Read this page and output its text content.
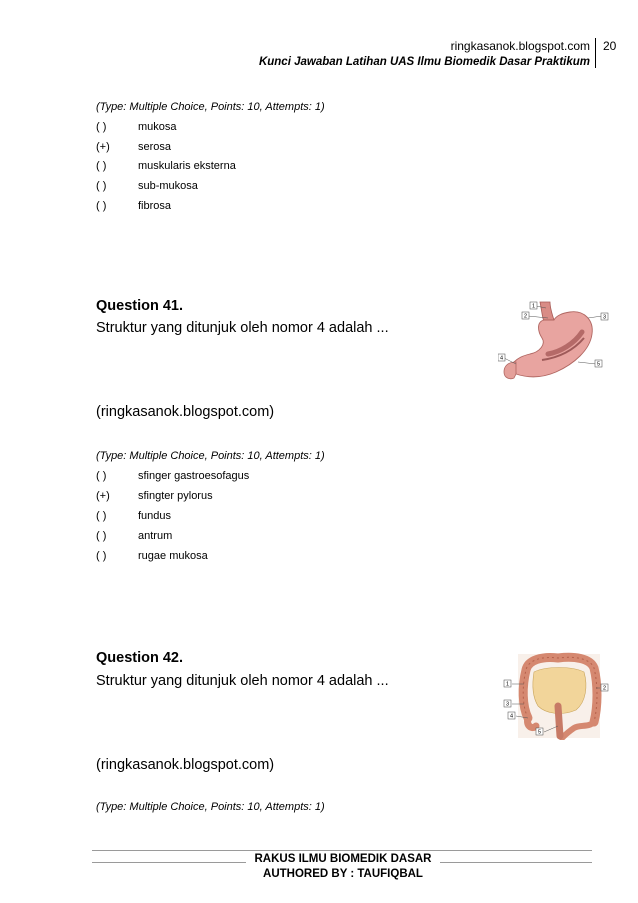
ringkasanok.blogspot.com
Kunci Jawaban Latihan UAS Ilmu Biomedik Dasar Praktikum
20
(Type: Multiple Choice, Points: 10, Attempts: 1)
( )	mukosa
(+)	serosa
( )	muskularis eksterna
( )	sub-mukosa
( )	fibrosa
Question 41.
Struktur yang ditunjuk oleh nomor 4 adalah ...
1
2	3
4
5
(ringkasanok.blogspot.com)
(Type: Multiple Choice, Points: 10, Attempts: 1)
( )	sfinger gastroesofagus
(+)	sfingter pylorus
( )	fundus
( )	antrum
( )	rugae mukosa
Question 42.
Struktur yang ditunjuk oleh nomor 4 adalah ...	1
2
3
4
5
(ringkasanok.blogspot.com)
(Type: Multiple Choice, Points: 10, Attempts: 1)
RAKUS ILMU BIOMEDIK DASAR
AUTHORED BY : TAUFIQBAL
